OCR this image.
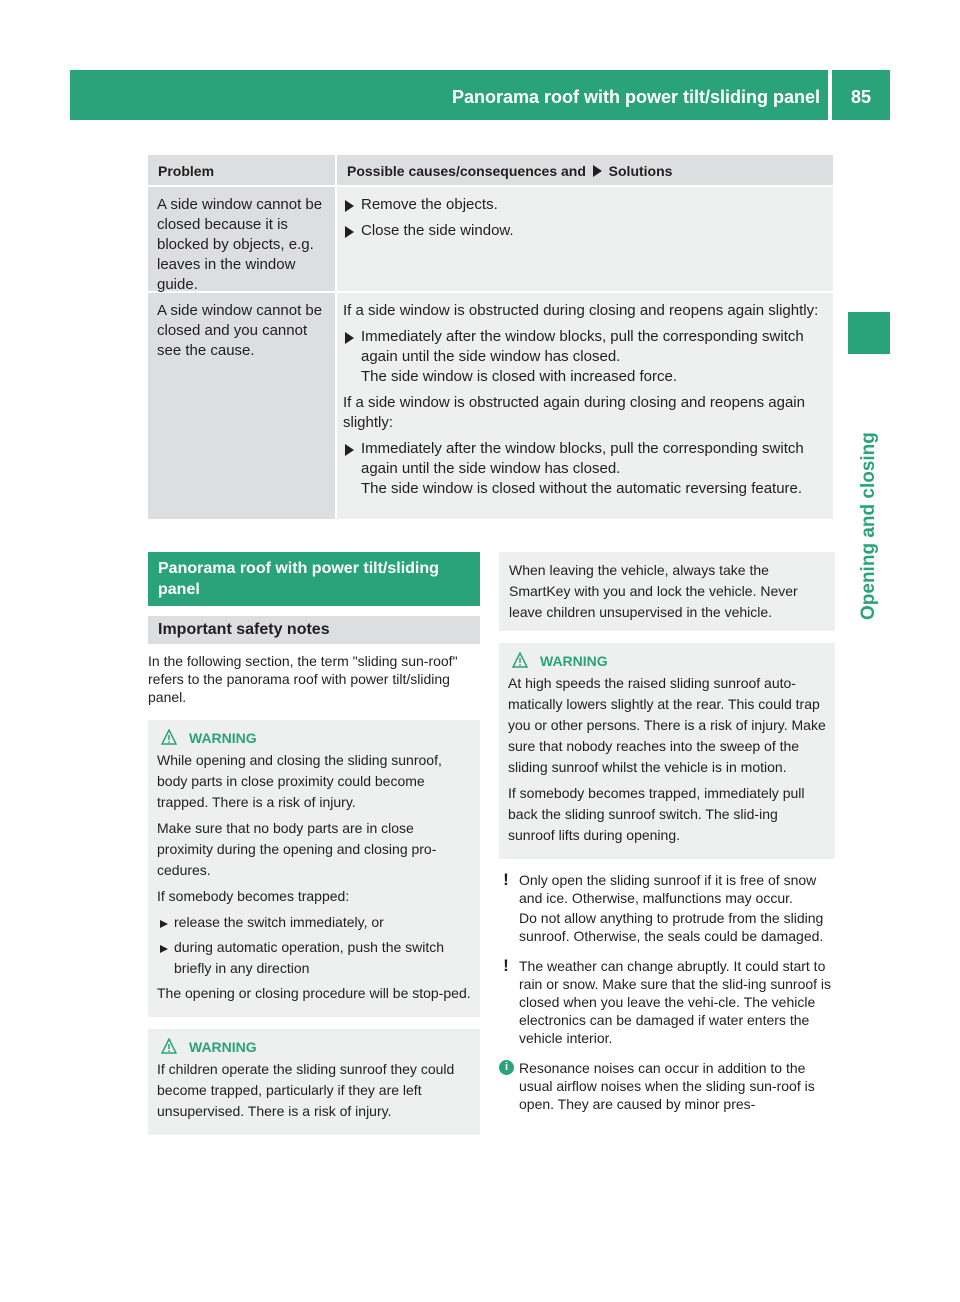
Panorama roof with power tilt/sliding panel	85
Opening and closing
Problem	Possible causes/consequences and Solutions
A side window cannot be closed because it is blocked by objects, e.g. leaves in the window guide.
Remove the objects.
Close the side window.
A side window cannot be closed and you cannot see the cause.

If a side window is obstructed during closing and reopens again slightly:

Immediately after the window blocks, pull the corresponding switch again until the side window has closed.
The side window is closed with increased force.

If a side window is obstructed again during closing and reopens again slightly:

Immediately after the window blocks, pull the corresponding switch again until the side window has closed.
The side window is closed without the automatic reversing feature.
Panorama roof with power tilt/sliding panel
Important safety notes

In the following section, the term "sliding sun-roof" refers to the panorama roof with power tilt/sliding panel.

WARNING

While opening and closing the sliding sunroof, body parts in close proximity could become trapped. There is a risk of injury.

Make sure that no body parts are in close proximity during the opening and closing pro-cedures.

If somebody becomes trapped:

release the switch immediately, or
during automatic operation, push the switch briefly in any direction

The opening or closing procedure will be stop-ped.

WARNING

If children operate the sliding sunroof they could become trapped, particularly if they are left unsupervised. There is a risk of injury.

When leaving the vehicle, always take the SmartKey with you and lock the vehicle. Never leave children unsupervised in the vehicle.

WARNING

At high speeds the raised sliding sunroof auto-matically lowers slightly at the rear. This could trap you or other persons. There is a risk of injury. Make sure that nobody reaches into the sweep of the sliding sunroof whilst the vehicle is in motion.

If somebody becomes trapped, immediately pull back the sliding sunroof switch. The slid-ing sunroof lifts during opening.

! Only open the sliding sunroof if it is free of snow and ice. Otherwise, malfunctions may occur.

Do not allow anything to protrude from the sliding sunroof. Otherwise, the seals could be damaged.

! The weather can change abruptly. It could start to rain or snow. Make sure that the slid-ing sunroof is closed when you leave the vehi-cle. The vehicle electronics can be damaged if water enters the vehicle interior.

i Resonance noises can occur in addition to the usual airflow noises when the sliding sun-roof is open. They are caused by minor pres-
